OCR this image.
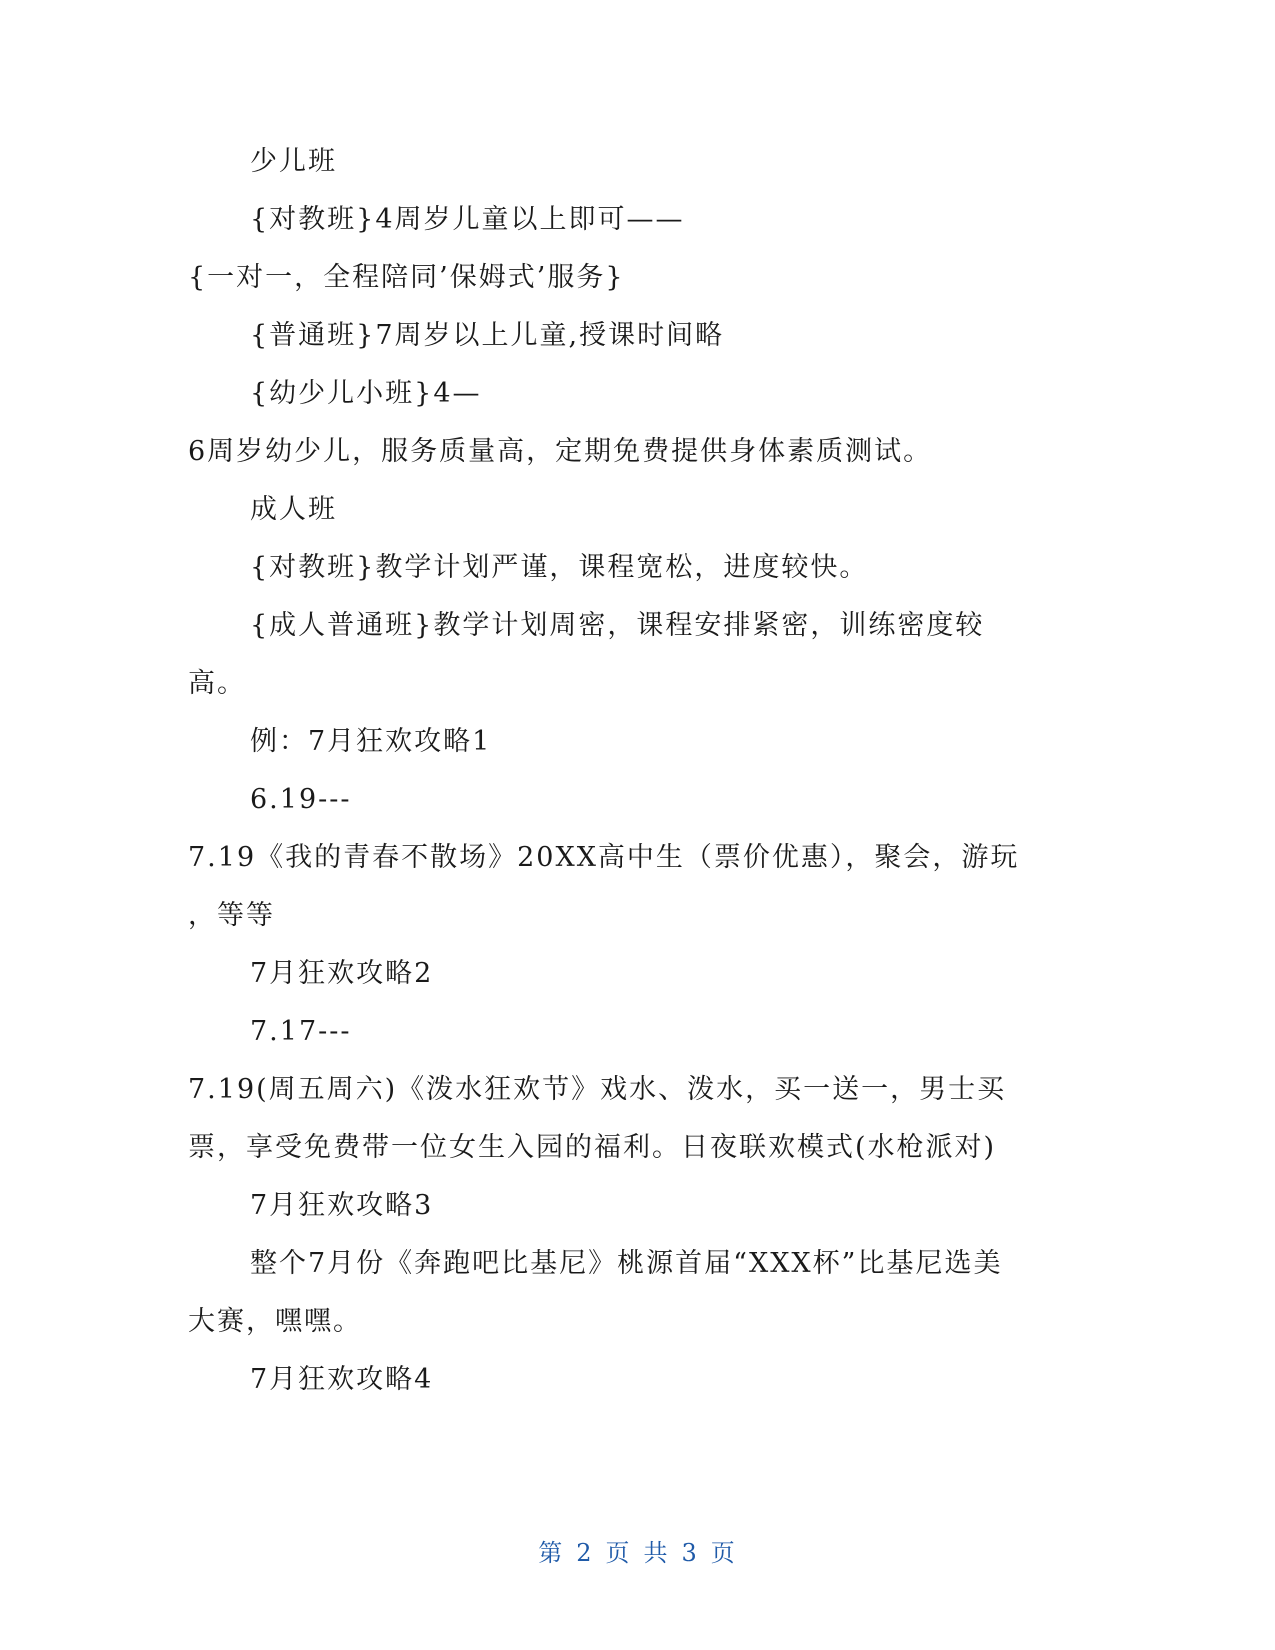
少儿班
{对教班}4周岁儿童以上即可——
{一对一，全程陪同’保姆式’服务}
{普通班}7周岁以上儿童,授课时间略
{幼少儿小班}4—
6周岁幼少儿，服务质量高，定期免费提供身体素质测试。
成人班
{对教班}教学计划严谨，课程宽松，进度较快。
{成人普通班}教学计划周密，课程安排紧密，训练密度较
高。
例：7月狂欢攻略1
6.19---
7.19《我的青春不散场》20XX高中生（票价优惠），聚会，游玩
，等等
7月狂欢攻略2
7.17---
7.19(周五周六)《泼水狂欢节》戏水、泼水，买一送一，男士买
票，享受免费带一位女生入园的福利。日夜联欢模式(水枪派对)
7月狂欢攻略3
整个7月份《奔跑吧比基尼》桃源首届“XXX杯”比基尼选美
大赛，嘿嘿。
7月狂欢攻略4
第 2 页 共 3 页
